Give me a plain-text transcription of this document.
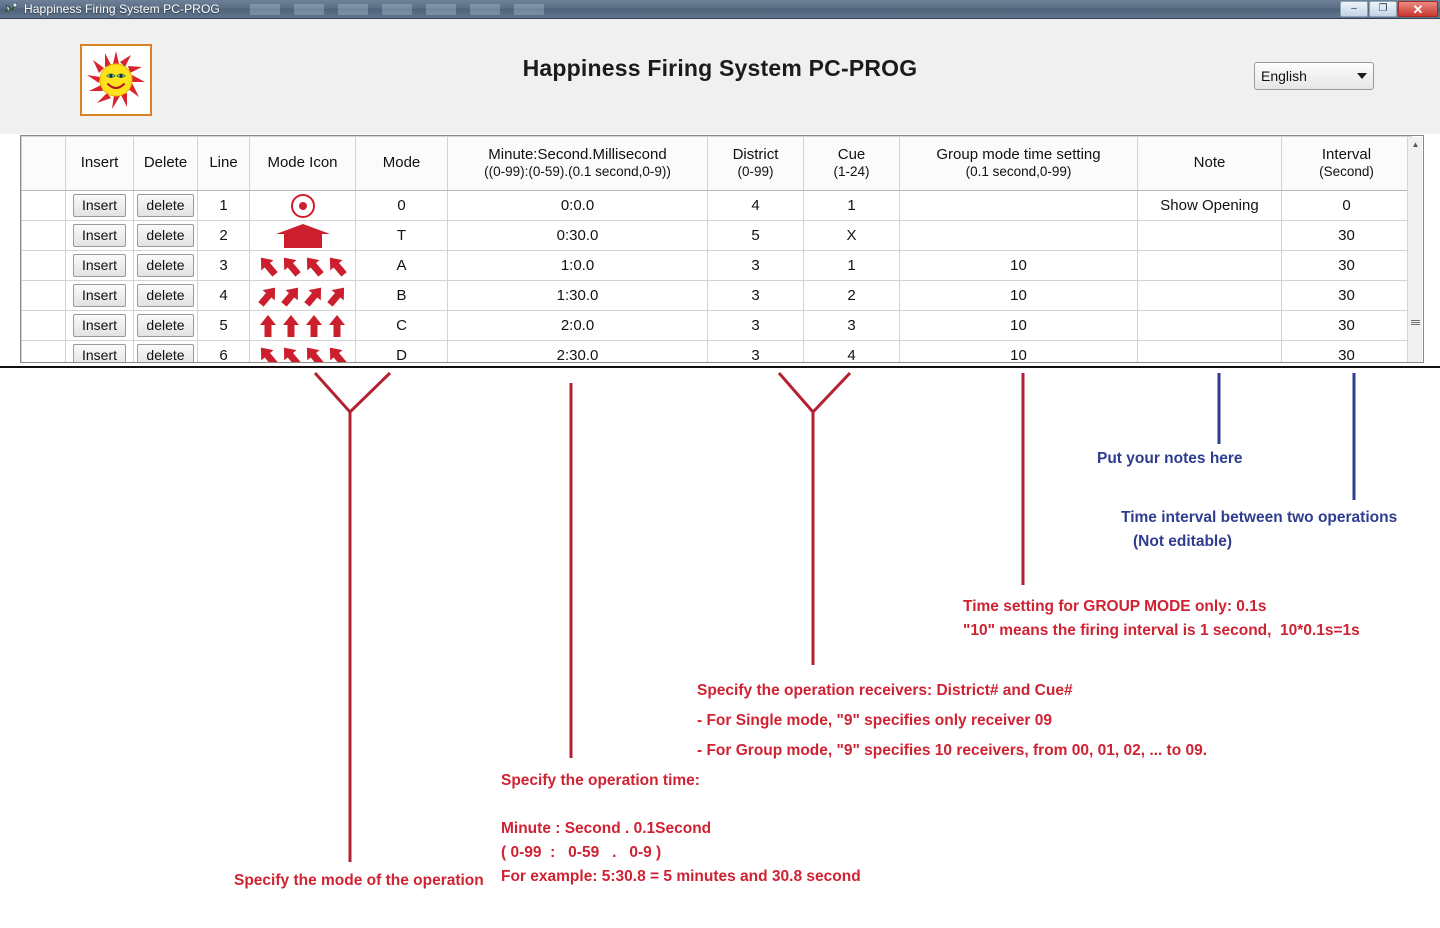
Happiness Firing System PC-PROG	–	❐	✕
Happiness Firing System PC-PROG	English
	Insert	Delete	Line	Mode Icon	Mode	Minute:Second.Millisecond
((0-99):(0-59).(0.1 second,0-9))	District
(0-99)	Cue
(1-24)	Group mode time setting
(0.1 second,0-99)	Note	Interval
(Second)

	Insert	delete	1		0	0:0.0	4	1		Show Opening	0
	Insert	delete	2		T	0:30.0	5	X			30
	Insert	delete	3		A	1:0.0	3	1	10		30
	Insert	delete	4		B	1:30.0	3	2	10		30
	Insert	delete	5		C	2:0.0	3	3	10		30
	Insert	delete	6		D	2:30.0	3	4	10		30
▲
Put your notes here
Time interval between two operations
(Not editable)
Time setting for GROUP MODE only: 0.1s
"10" means the firing interval is 1 second,  10*0.1s=1s
Specify the operation receivers: District# and Cue#
- For Single mode, "9" specifies only receiver 09
- For Group mode, "9" specifies 10 receivers, from 00, 01, 02, ... to 09.
Specify the operation time:

Minute : Second . 0.1Second
( 0-99  :   0-59   .   0-9 )
For example: 5:30.8 = 5 minutes and 30.8 second
Specify the mode of the operation
